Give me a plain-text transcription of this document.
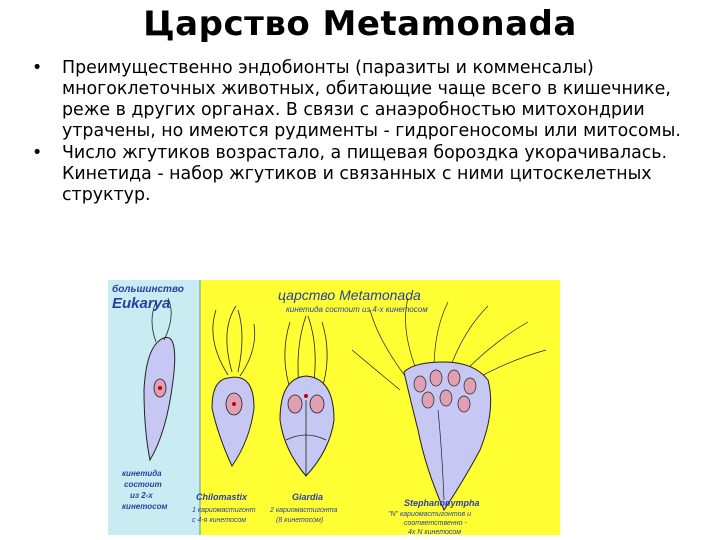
Царство Metamonada
• Преимущественно эндобионты (паразиты и комменсалы) многоклеточных животных, обитающие чаще всего в кишечнике, реже в других органах. В связи с анаэробностью митохондрии утрачены, но имеются рудименты - гидрогеносомы или митосомы.
• Число жгутиков возрастало, а пищевая бороздка укорачивалась. Кинетида - набор жгутиков и связанных с ними цитоскелетных структур.
большинство
Eukarya
кинетида
состоит
из 2-х
кинетосом
царство Metamonada
кинетида состоит из 4-х кинетосом
Chilomastix
1 кариомастигонт
с 4-я кинетосом
Giardia
2 кариомастигонта
(8 кинетосом)
Stephanonympha
"N" кариомастигонтов и
соответственно -
4x N кинетосом
